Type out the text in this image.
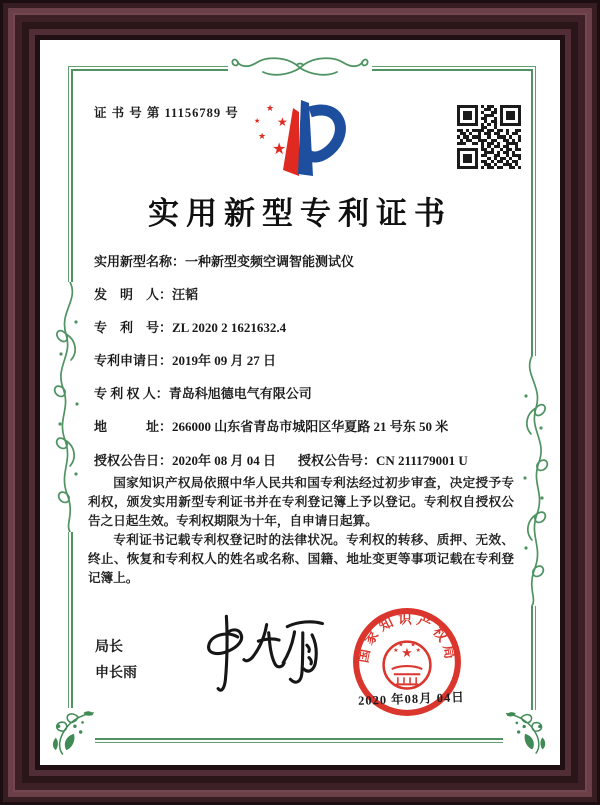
证 书 号 第 11156789 号	★
★
★
★
★
实用新型专利证书
实用新型名称：一种新型变频空调智能测试仪
发　明　人：汪韬
专　利　号：ZL 2020 2 1621632.4
专利申请日：2019年 09 月 27 日
专 利 权 人：青岛科旭德电气有限公司
地　　　址：266000 山东省青岛市城阳区华夏路 21 号东 50 米
授权公告日：2020年 08 月 04 日 授权公告号：CN 211179001 U

国家知识产权局依照中华人民共和国专利法经过初步审查，决定授予专利权，颁发实用新型专利证书并在专利登记簿上予以登记。专利权自授权公告之日起生效。专利权期限为十年，自申请日起算。

专利证书记载专利权登记时的法律状况。专利权的转移、质押、无效、终止、恢复和专利权人的姓名或名称、国籍、地址变更等事项记载在专利登记簿上。

局长
申长雨
国家知识产权局
★
★
★ ★
★
2020 年08月 04日
